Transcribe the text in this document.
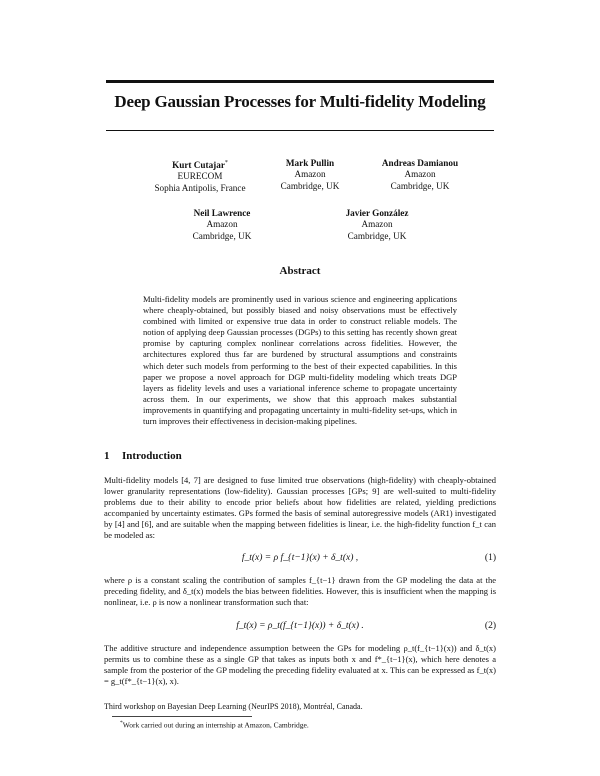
Deep Gaussian Processes for Multi-fidelity Modeling
Kurt Cutajar*
EURECOM
Sophia Antipolis, France
Mark Pullin
Amazon
Cambridge, UK
Andreas Damianou
Amazon
Cambridge, UK
Neil Lawrence
Amazon
Cambridge, UK
Javier González
Amazon
Cambridge, UK
Abstract
Multi-fidelity models are prominently used in various science and engineering applications where cheaply-obtained, but possibly biased and noisy observations must be effectively combined with limited or expensive true data in order to construct reliable models. The notion of applying deep Gaussian processes (DGPs) to this setting has recently shown great promise by capturing complex nonlinear correlations across fidelities. However, the architectures explored thus far are burdened by structural assumptions and constraints which deter such models from performing to the best of their expected capabilities. In this paper we propose a novel approach for DGP multi-fidelity modeling which treats DGP layers as fidelity levels and uses a variational inference scheme to propagate uncertainty across them. In our experiments, we show that this approach makes substantial improvements in quantifying and propagating uncertainty in multi-fidelity set-ups, which in turn improves their effectiveness in decision-making pipelines.
1 Introduction
Multi-fidelity models [4, 7] are designed to fuse limited true observations (high-fidelity) with cheaply-obtained lower granularity representations (low-fidelity). Gaussian processes [GPs; 9] are well-suited to multi-fidelity problems due to their ability to encode prior beliefs about how fidelities are related, yielding predictions accompanied by uncertainty estimates. GPs formed the basis of seminal autoregressive models (AR1) investigated by [4] and [6], and are suitable when the mapping between fidelities is linear, i.e. the high-fidelity function f_t can be modeled as:
f_t(x) = ρ f_{t−1}(x) + δ_t(x) ,	(1)
where ρ is a constant scaling the contribution of samples f_{t−1} drawn from the GP modeling the data at the preceding fidelity, and δ_t(x) models the bias between fidelities. However, this is insufficient when the mapping is nonlinear, i.e. ρ is now a nonlinear transformation such that:
f_t(x) = ρ_t(f_{t−1}(x)) + δ_t(x) .	(2)
The additive structure and independence assumption between the GPs for modeling ρ_t(f_{t−1}(x)) and δ_t(x) permits us to combine these as a single GP that takes as inputs both x and f*_{t−1}(x), which here denotes a sample from the posterior of the GP modeling the preceding fidelity evaluated at x. This can be expressed as f_t(x) = g_t(f*_{t−1}(x), x).
Third workshop on Bayesian Deep Learning (NeurIPS 2018), Montréal, Canada.
*Work carried out during an internship at Amazon, Cambridge.
